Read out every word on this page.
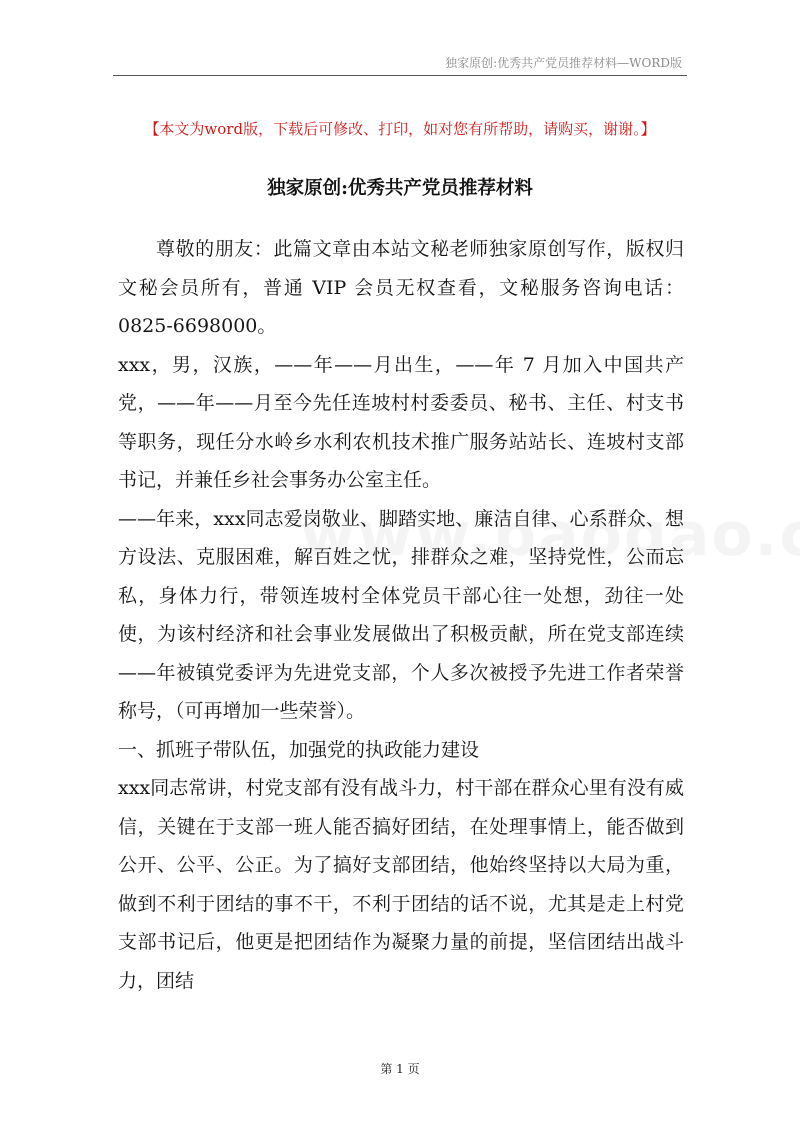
独家原创:优秀共产党员推荐材料—WORD版
【本文为word版，下载后可修改、打印，如对您有所帮助，请购买，谢谢。】
独家原创:优秀共产党员推荐材料

尊敬的朋友：此篇文章由本站文秘老师独家原创写作，版权归文秘会员所有，普通 VIP 会员无权查看，文秘服务咨询电话：0825-6698000。

xxx，男，汉族，——年——月出生，——年 7 月加入中国共产党，——年——月至今先任连坡村村委委员、秘书、主任、村支书等职务，现任分水岭乡水利农机技术推广服务站站长、连坡村支部书记，并兼任乡社会事务办公室主任。

——年来，xxx同志爱岗敬业、脚踏实地、廉洁自律、心系群众、想方设法、克服困难，解百姓之忧，排群众之难，坚持党性，公而忘私，身体力行，带领连坡村全体党员干部心往一处想，劲往一处使，为该村经济和社会事业发展做出了积极贡献，所在党支部连续——年被镇党委评为先进党支部，个人多次被授予先进工作者荣誉称号，（可再增加一些荣誉）。

一、抓班子带队伍，加强党的执政能力建设

xxx同志常讲，村党支部有没有战斗力，村干部在群众心里有没有威信，关键在于支部一班人能否搞好团结，在处理事情上，能否做到公开、公平、公正。为了搞好支部团结，他始终坚持以大局为重，做到不利于团结的事不干，不利于团结的话不说，尤其是走上村党支部书记后，他更是把团结作为凝聚力量的前提，坚信团结出战斗力，团结

第 1 页
